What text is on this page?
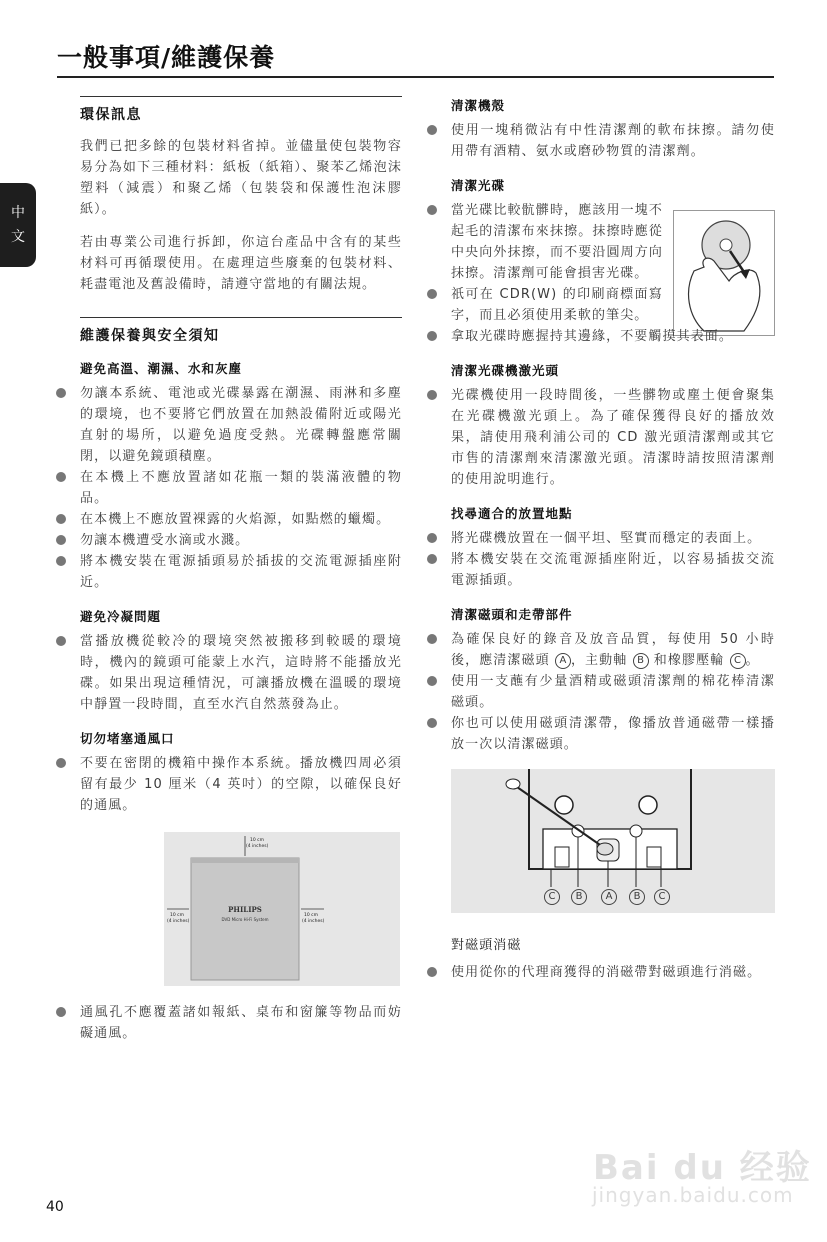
一般事項/維護保養
中
文
環保訊息
我們已把多餘的包裝材料省掉。並儘量使包裝物容易分為如下三種材料：紙板（紙箱）、聚苯乙烯泡沫塑料（減震）和聚乙烯（包裝袋和保護性泡沫膠紙）。
若由專業公司進行拆卸，你這台產品中含有的某些材料可再循環使用。在處理這些廢棄的包裝材料、耗盡電池及舊設備時，請遵守當地的有關法規。
維護保養與安全須知
避免高溫、潮濕、水和灰塵
勿讓本系統、電池或光碟暴露在潮濕、雨淋和多塵的環境，也不要將它們放置在加熱設備附近或陽光直射的場所，以避免過度受熱。光碟轉盤應常關閉，以避免鏡頭積塵。
在本機上不應放置諸如花瓶一類的裝滿液體的物品。
在本機上不應放置裸露的火焰源，如點燃的蠟燭。
勿讓本機遭受水滴或水濺。
將本機安裝在電源插頭易於插拔的交流電源插座附近。
避免冷凝問題
當播放機從較冷的環境突然被搬移到較暖的環境時，機內的鏡頭可能蒙上水汽，這時將不能播放光碟。如果出現這種情況，可讓播放機在溫暖的環境中靜置一段時間，直至水汽自然蒸發為止。
切勿堵塞通風口
不要在密閉的機箱中操作本系統。播放機四周必須留有最少 10 厘米（4 英吋）的空隙，以確保良好的通風。
10 cm
(4 inches)
10 cm
(4 inches)
10 cm
(4 inches)
PHILIPS
DVD Micro Hi-Fi System
通風孔不應覆蓋諸如報紙、桌布和窗簾等物品而妨礙通風。
清潔機殼
使用一塊稍微沾有中性清潔劑的軟布抹擦。請勿使用帶有酒精、氨水或磨砂物質的清潔劑。
清潔光碟
當光碟比較骯髒時，應該用一塊不起毛的清潔布來抹擦。抹擦時應從中央向外抹擦，而不要沿圓周方向抹擦。清潔劑可能會損害光碟。
祇可在 CDR(W) 的印刷商標面寫字，而且必須使用柔軟的筆尖。
拿取光碟時應握持其邊緣，不要觸摸其表面。
清潔光碟機激光頭
光碟機使用一段時間後，一些髒物或塵土便會聚集在光碟機激光頭上。為了確保獲得良好的播放效果，請使用飛利浦公司的 CD 激光頭清潔劑或其它市售的清潔劑來清潔激光頭。清潔時請按照清潔劑的使用說明進行。
找尋適合的放置地點
將光碟機放置在一個平坦、堅實而穩定的表面上。
將本機安裝在交流電源插座附近，以容易插拔交流電源插頭。
清潔磁頭和走帶部件
為確保良好的錄音及放音品質，每使用 50 小時後，應清潔磁頭 A ，主動軸 B 和橡膠壓輪 C 。
使用一支蘸有少量酒精或磁頭清潔劑的棉花棒清潔磁頭。
你也可以使用磁頭清潔帶，像播放普通磁帶一樣播放一次以清潔磁頭。
C	B	A	B	C
對磁頭消磁
使用從你的代理商獲得的消磁帶對磁頭進行消磁。
Bai du 经验
jingyan.baidu.com
40
